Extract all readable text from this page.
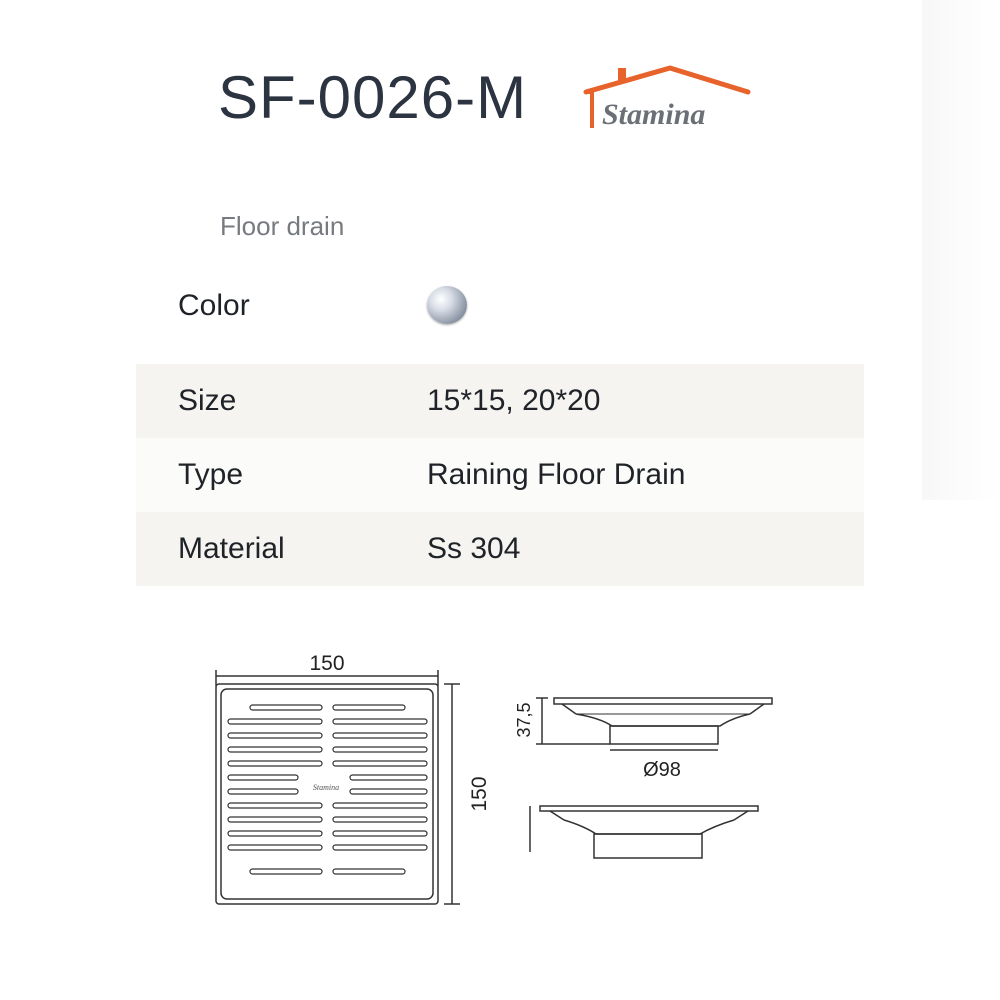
SF-0026-M Stamina
Floor drain
Color
Size	15*15, 20*20
Type	Raining Floor Drain
Material	Ss 304
150
150
Stamina
37,5
Ø98
